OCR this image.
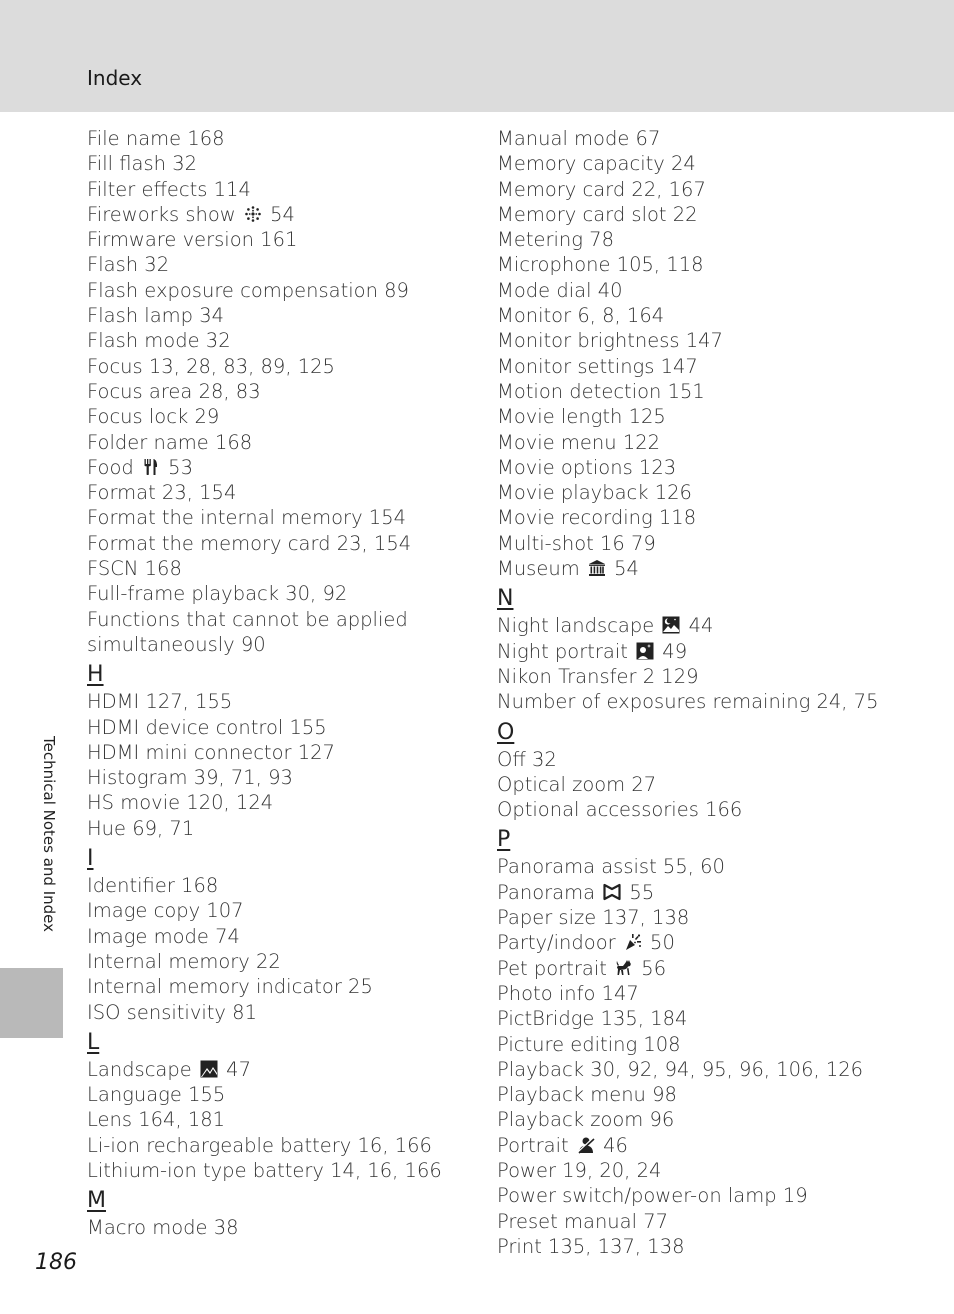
Index
File name 168
Fill flash 32
Filter effects 114
Fireworks show
54
Firmware version 161
Flash 32
Flash exposure compensation 89
Flash lamp 34
Flash mode 32
Focus 13, 28, 83, 89, 125
Focus area 28, 83
Focus lock 29
Folder name 168
Food
53
Format 23, 154
Format the internal memory 154
Format the memory card 23, 154
FSCN 168
Full-frame playback 30, 92
Functions that cannot be applied
simultaneously 90
H
HDMI 127, 155
HDMI device control 155
HDMI mini connector 127
Histogram 39, 71, 93
HS movie 120, 124
Hue 69, 71
I
Identifier 168
Image copy 107
Image mode 74
Internal memory 22
Internal memory indicator 25
ISO sensitivity 81
L
Landscape
47
Language 155
Lens 164, 181
Li-ion rechargeable battery 16, 166
Lithium-ion type battery 14, 16, 166
M
Macro mode 38
Manual mode 67
Memory capacity 24
Memory card 22, 167
Memory card slot 22
Metering 78
Microphone 105, 118
Mode dial 40
Monitor 6, 8, 164
Monitor brightness 147
Monitor settings 147
Motion detection 151
Movie length 125
Movie menu 122
Movie options 123
Movie playback 126
Movie recording 118
Multi-shot 16 79
Museum
54
N
Night landscape
44
Night portrait
49
Nikon Transfer 2 129
Number of exposures remaining 24, 75
O
Off 32
Optical zoom 27
Optional accessories 166
P
Panorama assist 55, 60
Panorama
55
Paper size 137, 138
Party/indoor
50
Pet portrait
56
Photo info 147
PictBridge 135, 184
Picture editing 108
Playback 30, 92, 94, 95, 96, 106, 126
Playback menu 98
Playback zoom 96
Portrait
46
Power 19, 20, 24
Power switch/power-on lamp 19
Preset manual 77
Print 135, 137, 138
Technical Notes and Index
186
